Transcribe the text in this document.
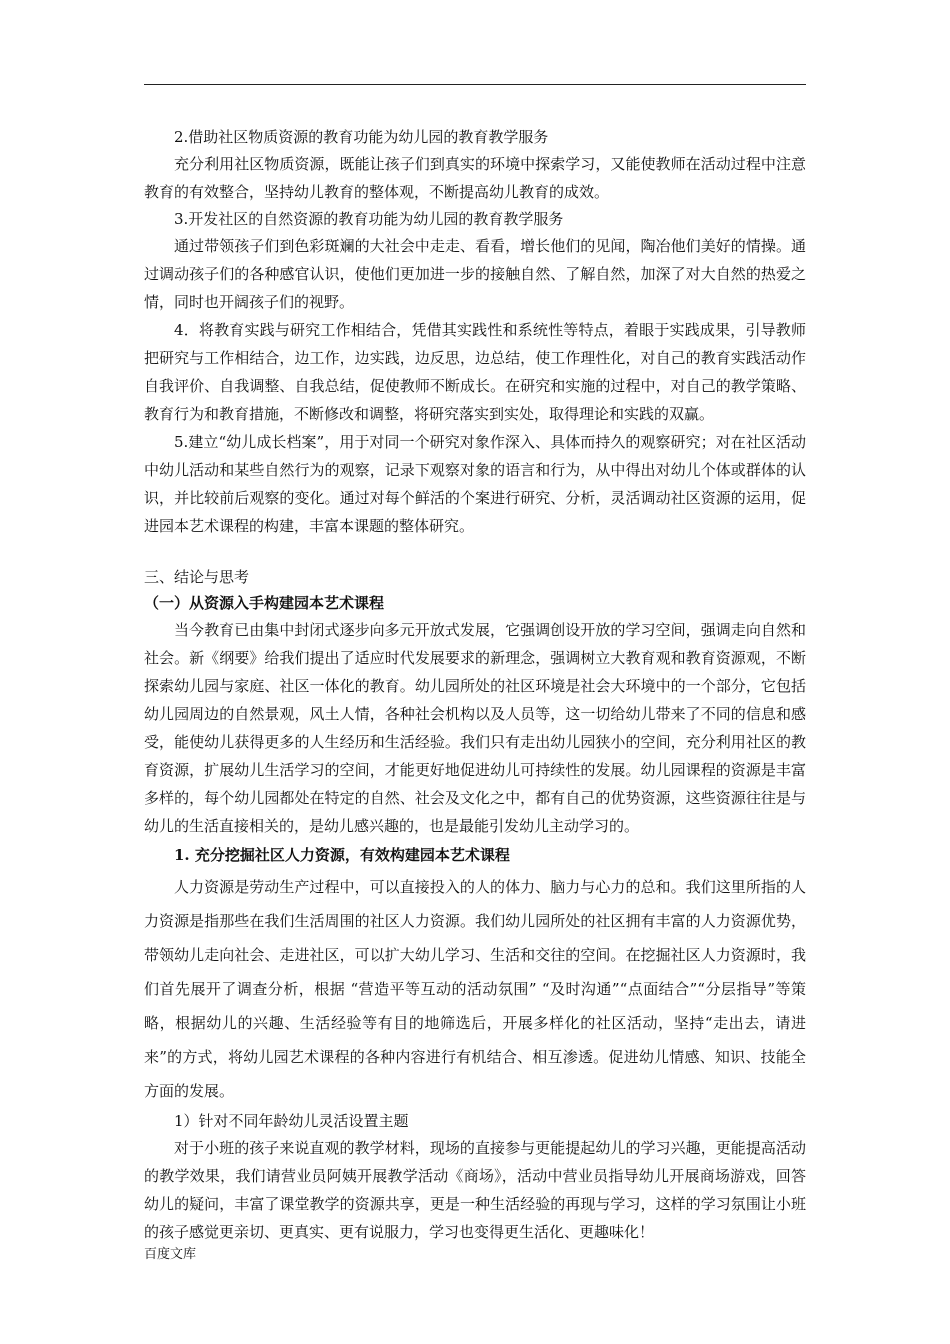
2.借助社区物质资源的教育功能为幼儿园的教育教学服务

充分利用社区物质资源，既能让孩子们到真实的环境中探索学习，又能使教师在活动过程中注意教育的有效整合，坚持幼儿教育的整体观，不断提高幼儿教育的成效。

3.开发社区的自然资源的教育功能为幼儿园的教育教学服务

通过带领孩子们到色彩斑斓的大社会中走走、看看，增长他们的见闻，陶冶他们美好的情操。通过调动孩子们的各种感官认识，使他们更加进一步的接触自然、了解自然，加深了对大自然的热爱之情，同时也开阔孩子们的视野。

4．将教育实践与研究工作相结合，凭借其实践性和系统性等特点，着眼于实践成果，引导教师把研究与工作相结合，边工作，边实践，边反思，边总结，使工作理性化，对自己的教育实践活动作自我评价、自我调整、自我总结，促使教师不断成长。在研究和实施的过程中，对自己的教学策略、教育行为和教育措施，不断修改和调整，将研究落实到实处，取得理论和实践的双赢。

5.建立“幼儿成长档案”，用于对同一个研究对象作深入、具体而持久的观察研究；对在社区活动中幼儿活动和某些自然行为的观察，记录下观察对象的语言和行为，从中得出对幼儿个体或群体的认识，并比较前后观察的变化。通过对每个鲜活的个案进行研究、分析，灵活调动社区资源的运用，促进园本艺术课程的构建，丰富本课题的整体研究。

三、结论与思考

（一）从资源入手构建园本艺术课程

当今教育已由集中封闭式逐步向多元开放式发展，它强调创设开放的学习空间，强调走向自然和社会。新《纲要》给我们提出了适应时代发展要求的新理念，强调树立大教育观和教育资源观，不断探索幼儿园与家庭、社区一体化的教育。幼儿园所处的社区环境是社会大环境中的一个部分，它包括幼儿园周边的自然景观，风土人情，各种社会机构以及人员等，这一切给幼儿带来了不同的信息和感受，能使幼儿获得更多的人生经历和生活经验。我们只有走出幼儿园狭小的空间，充分利用社区的教育资源，扩展幼儿生活学习的空间，才能更好地促进幼儿可持续性的发展。幼儿园课程的资源是丰富多样的，每个幼儿园都处在特定的自然、社会及文化之中，都有自己的优势资源，这些资源往往是与幼儿的生活直接相关的，是幼儿感兴趣的，也是最能引发幼儿主动学习的。

1. 充分挖掘社区人力资源，有效构建园本艺术课程

人力资源是劳动生产过程中，可以直接投入的人的体力、脑力与心力的总和。我们这里所指的人力资源是指那些在我们生活周围的社区人力资源。我们幼儿园所处的社区拥有丰富的人力资源优势，带领幼儿走向社会、走进社区，可以扩大幼儿学习、生活和交往的空间。在挖掘社区人力资源时，我们首先展开了调查分析，根据 “营造平等互动的活动氛围” “及时沟通”“点面结合”“分层指导”等策略，根据幼儿的兴趣、生活经验等有目的地筛选后，开展多样化的社区活动，坚持“走出去，请进来”的方式，将幼儿园艺术课程的各种内容进行有机结合、相互渗透。促进幼儿情感、知识、技能全方面的发展。

1）针对不同年龄幼儿灵活设置主题

对于小班的孩子来说直观的教学材料，现场的直接参与更能提起幼儿的学习兴趣，更能提高活动的教学效果，我们请营业员阿姨开展教学活动《商场》，活动中营业员指导幼儿开展商场游戏，回答幼儿的疑问，丰富了课堂教学的资源共享，更是一种生活经验的再现与学习，这样的学习氛围让小班的孩子感觉更亲切、更真实、更有说服力，学习也变得更生活化、更趣味化！

百度文库
